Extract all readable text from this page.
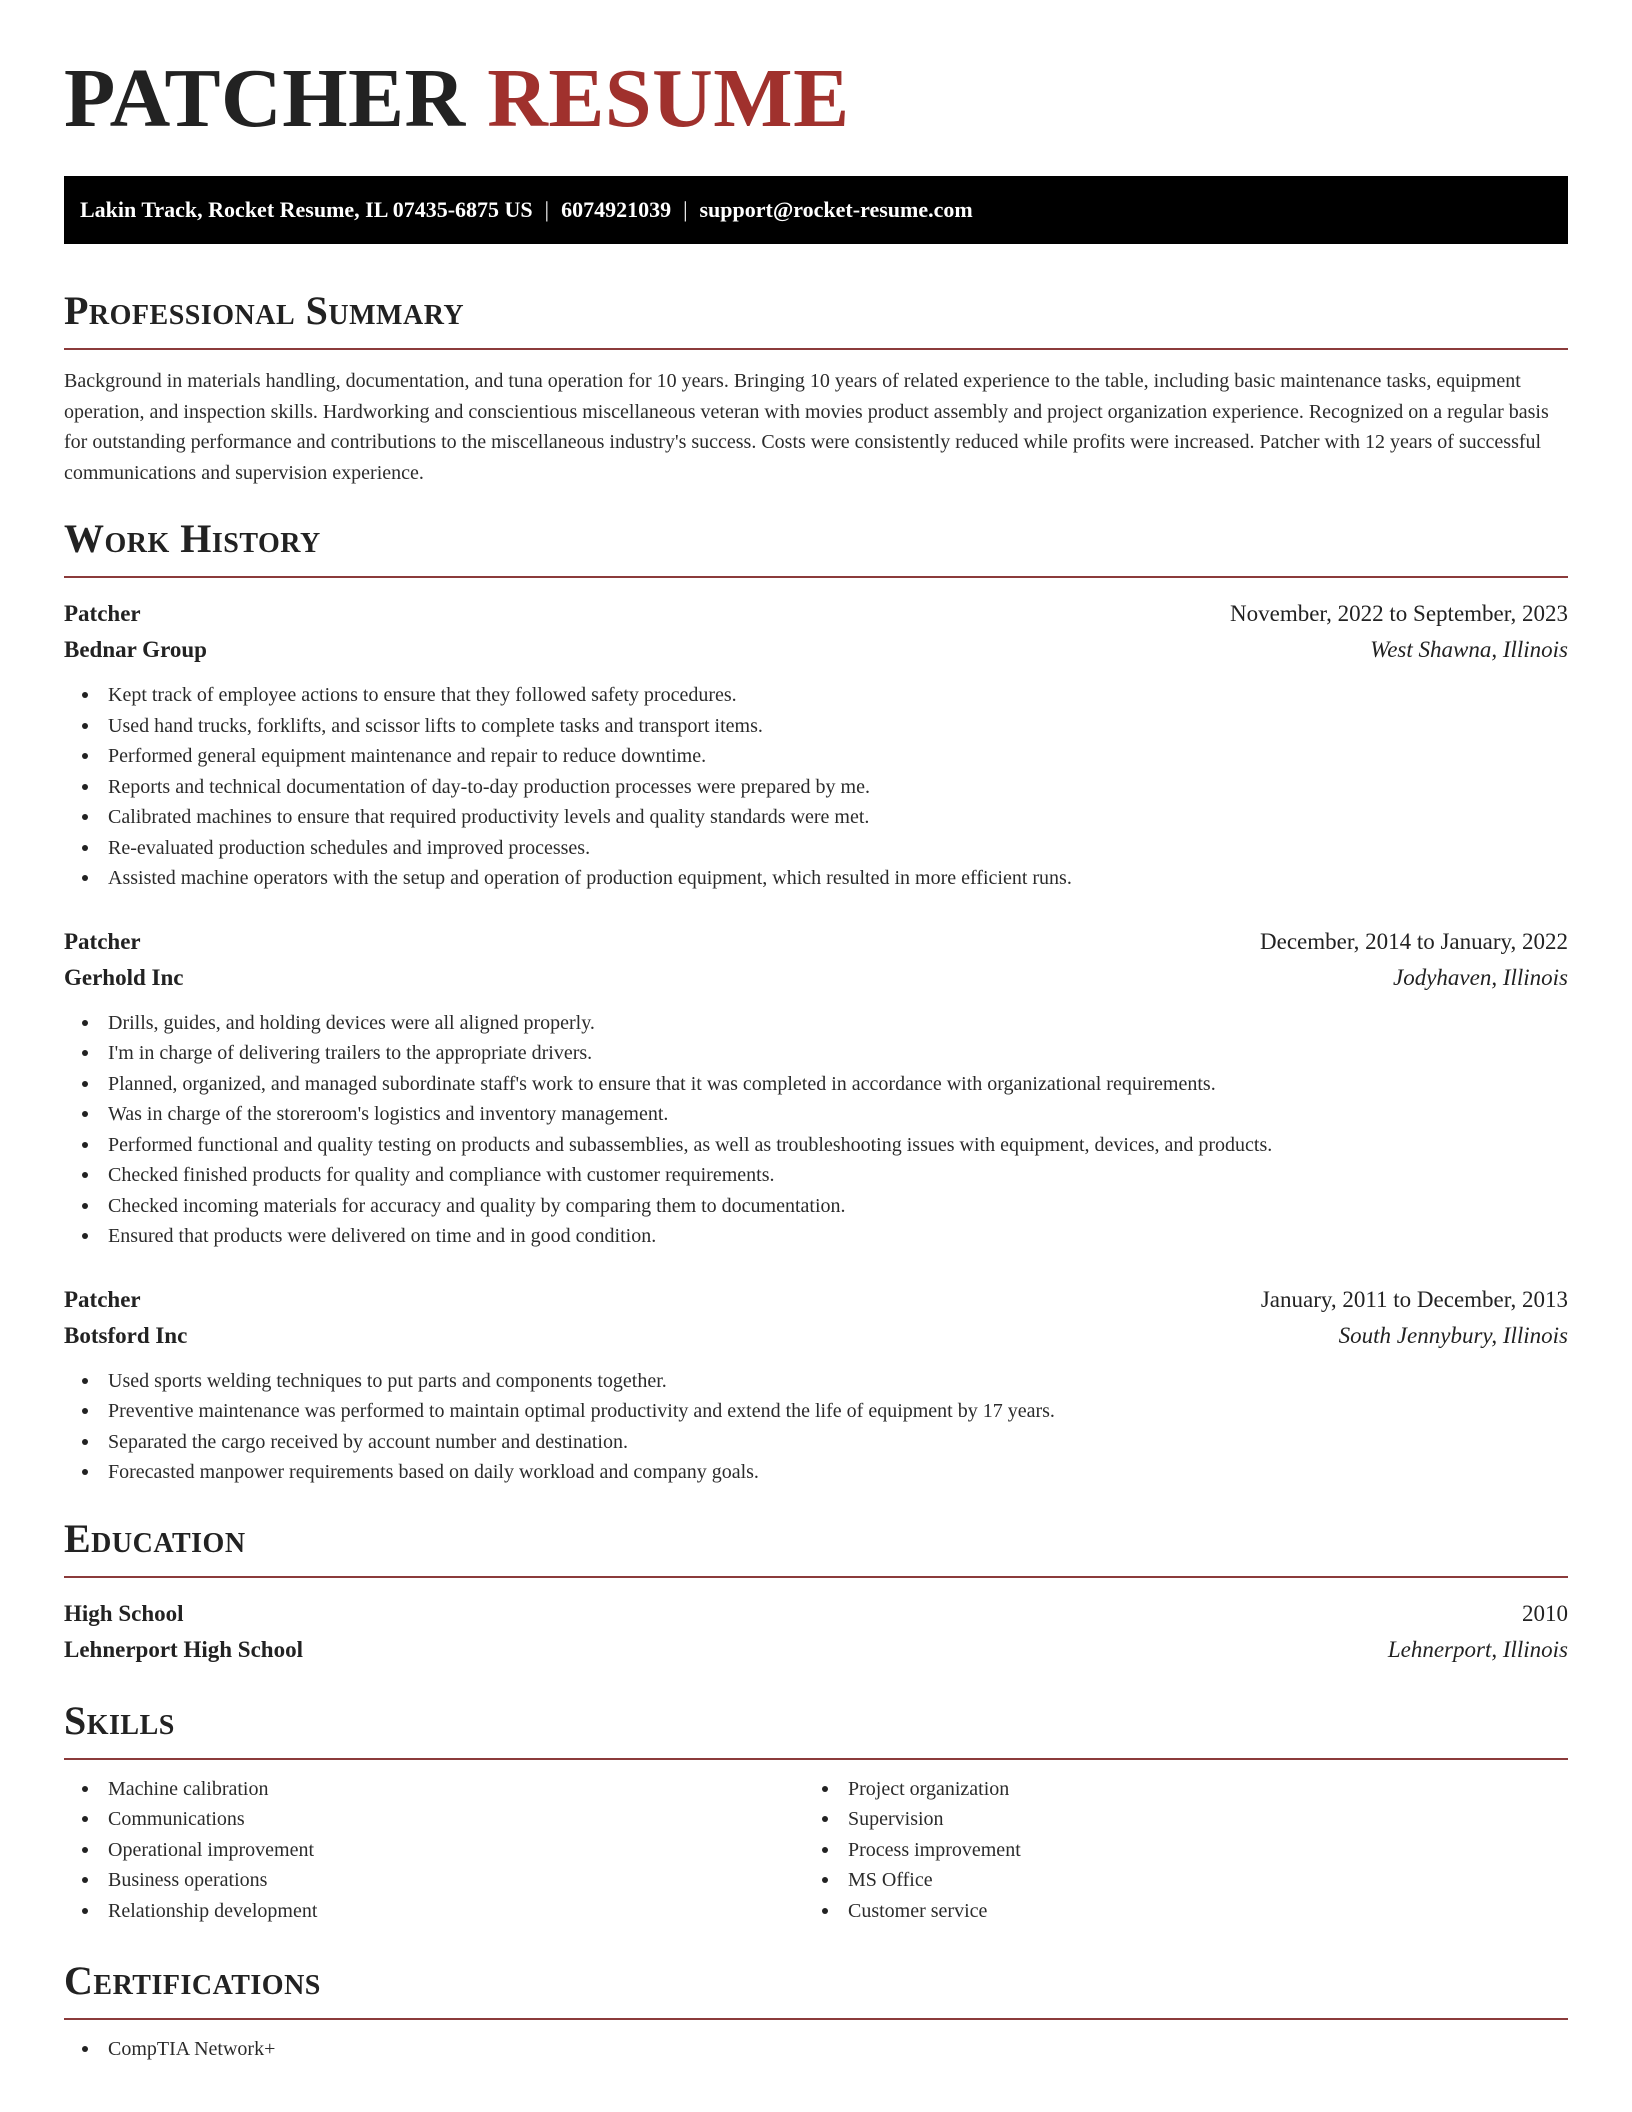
PATCHER RESUME
Lakin Track, Rocket Resume, IL 07435-6875 US | 6074921039 | support@rocket-resume.com
Professional Summary

Background in materials handling, documentation, and tuna operation for 10 years. Bringing 10 years of related experience to the table, including basic maintenance tasks, equipment operation, and inspection skills. Hardworking and conscientious miscellaneous veteran with movies product assembly and project organization experience. Recognized on a regular basis for outstanding performance and contributions to the miscellaneous industry's success. Costs were consistently reduced while profits were increased. Patcher with 12 years of successful communications and supervision experience.

Work History
Patcher	November, 2022 to September, 2023
Bednar Group	West Shawna, Illinois
Kept track of employee actions to ensure that they followed safety procedures.
Used hand trucks, forklifts, and scissor lifts to complete tasks and transport items.
Performed general equipment maintenance and repair to reduce downtime.
Reports and technical documentation of day-to-day production processes were prepared by me.
Calibrated machines to ensure that required productivity levels and quality standards were met.
Re-evaluated production schedules and improved processes.
Assisted machine operators with the setup and operation of production equipment, which resulted in more efficient runs.
Patcher	December, 2014 to January, 2022
Gerhold Inc	Jodyhaven, Illinois
Drills, guides, and holding devices were all aligned properly.
I'm in charge of delivering trailers to the appropriate drivers.
Planned, organized, and managed subordinate staff's work to ensure that it was completed in accordance with organizational requirements.
Was in charge of the storeroom's logistics and inventory management.
Performed functional and quality testing on products and subassemblies, as well as troubleshooting issues with equipment, devices, and products.
Checked finished products for quality and compliance with customer requirements.
Checked incoming materials for accuracy and quality by comparing them to documentation.
Ensured that products were delivered on time and in good condition.
Patcher	January, 2011 to December, 2013
Botsford Inc	South Jennybury, Illinois
Used sports welding techniques to put parts and components together.
Preventive maintenance was performed to maintain optimal productivity and extend the life of equipment by 17 years.
Separated the cargo received by account number and destination.
Forecasted manpower requirements based on daily workload and company goals.
Education
High School	2010
Lehnerport High School	Lehnerport, Illinois
Skills
Machine calibration
Communications
Operational improvement
Business operations
Relationship development
Project organization
Supervision
Process improvement
MS Office
Customer service
Certifications
CompTIA Network+
